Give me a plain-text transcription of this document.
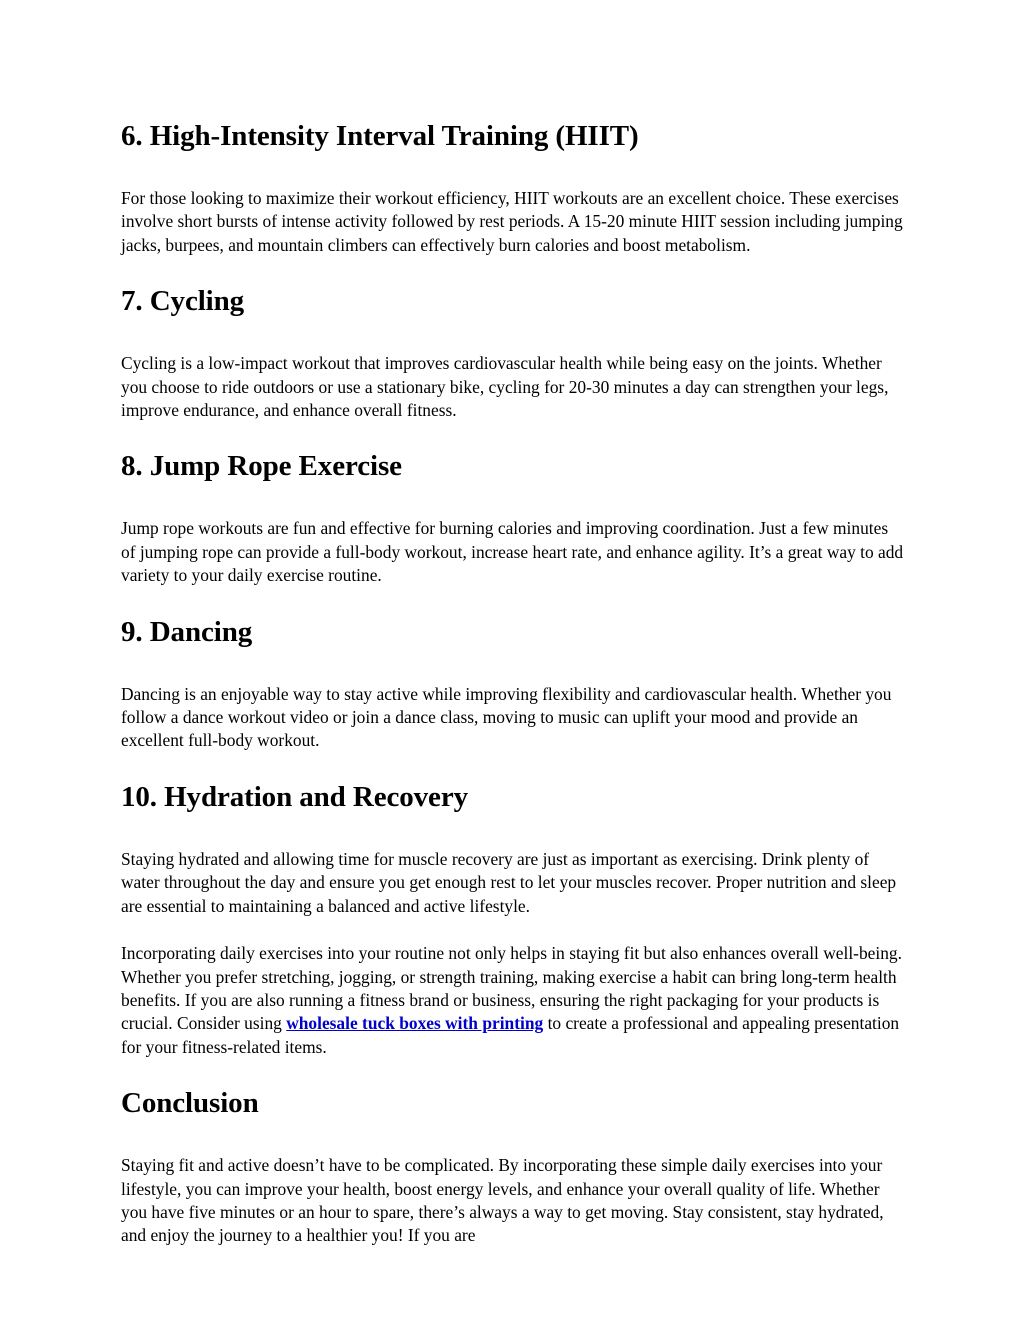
6. High-Intensity Interval Training (HIIT)

For those looking to maximize their workout efficiency, HIIT workouts are an excellent choice. These exercises involve short bursts of intense activity followed by rest periods. A 15-20 minute HIIT session including jumping jacks, burpees, and mountain climbers can effectively burn calories and boost metabolism.

7. Cycling

Cycling is a low-impact workout that improves cardiovascular health while being easy on the joints. Whether you choose to ride outdoors or use a stationary bike, cycling for 20-30 minutes a day can strengthen your legs, improve endurance, and enhance overall fitness.

8. Jump Rope Exercise

Jump rope workouts are fun and effective for burning calories and improving coordination. Just a few minutes of jumping rope can provide a full-body workout, increase heart rate, and enhance agility. It’s a great way to add variety to your daily exercise routine.

9. Dancing

Dancing is an enjoyable way to stay active while improving flexibility and cardiovascular health. Whether you follow a dance workout video or join a dance class, moving to music can uplift your mood and provide an excellent full-body workout.

10. Hydration and Recovery

Staying hydrated and allowing time for muscle recovery are just as important as exercising. Drink plenty of water throughout the day and ensure you get enough rest to let your muscles recover. Proper nutrition and sleep are essential to maintaining a balanced and active lifestyle.

Incorporating daily exercises into your routine not only helps in staying fit but also enhances overall well-being. Whether you prefer stretching, jogging, or strength training, making exercise a habit can bring long-term health benefits. If you are also running a fitness brand or business, ensuring the right packaging for your products is crucial. Consider using wholesale tuck boxes with printing to create a professional and appealing presentation for your fitness-related items.

Conclusion

Staying fit and active doesn’t have to be complicated. By incorporating these simple daily exercises into your lifestyle, you can improve your health, boost energy levels, and enhance your overall quality of life. Whether you have five minutes or an hour to spare, there’s always a way to get moving. Stay consistent, stay hydrated, and enjoy the journey to a healthier you! If you are
